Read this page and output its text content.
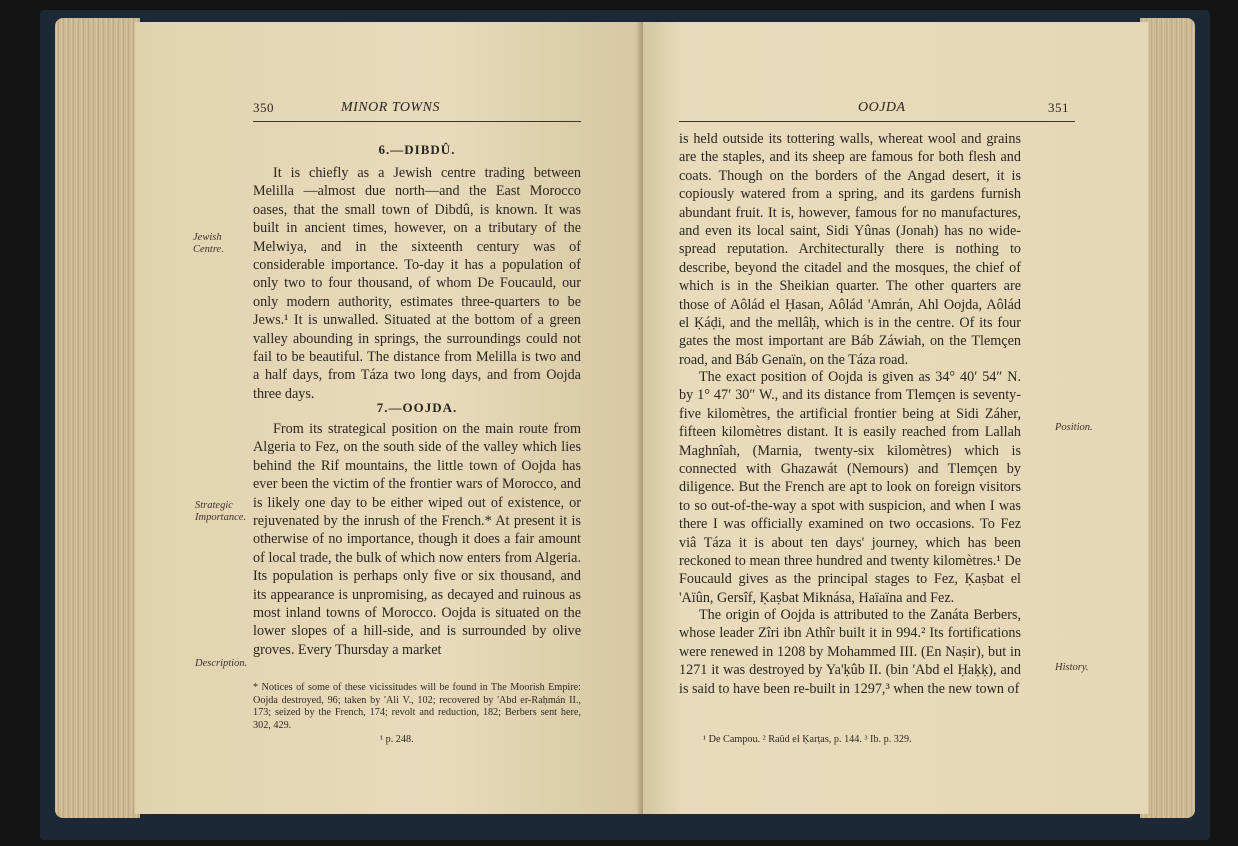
350	MINOR TOWNS
6.—DIBDÛ.

It is chiefly as a Jewish centre trading between Melilla —almost due north—and the East Morocco oases, that the small town of Dibdû, is known. It was built in ancient times, however, on a tributary of the Melwiya, and in the sixteenth century was of considerable importance. To-day it has a population of only two to four thousand, of whom De Foucauld, our only modern authority, estimates three-quarters to be Jews.¹ It is unwalled. Situated at the bottom of a green valley abounding in springs, the surroundings could not fail to be beautiful. The distance from Melilla is two and a half days, from Táza two long days, and from Oojda three days.

Jewish Centre.
7.—OOJDA.

From its strategical position on the main route from Algeria to Fez, on the south side of the valley which lies behind the Rif mountains, the little town of Oojda has ever been the victim of the frontier wars of Morocco, and is likely one day to be either wiped out of existence, or rejuvenated by the inrush of the French.* At present it is otherwise of no importance, though it does a fair amount of local trade, the bulk of which now enters from Algeria. Its population is perhaps only five or six thousand, and its appearance is unpromising, as decayed and ruinous as most inland towns of Morocco. Oojda is situated on the lower slopes of a hill-side, and is surrounded by olive groves. Every Thursday a market

Strategic Importance.
Description.
* Notices of some of these vicissitudes will be found in The Moorish Empire: Oojda destroyed, 96; taken by 'Ali V., 102; recovered by 'Abd er-Raḥmán II., 173; seized by the French, 174; revolt and reduction, 182; Berbers sent here, 302, 429.
¹ p. 248.
OOJDA	351

is held outside its tottering walls, whereat wool and grains are the staples, and its sheep are famous for both flesh and coats. Though on the borders of the Angad desert, it is copiously watered from a spring, and its gardens furnish abundant fruit. It is, however, famous for no manufactures, and even its local saint, Sidi Yûnas (Jonah) has no wide-spread reputation. Architecturally there is nothing to describe, beyond the citadel and the mosques, the chief of which is in the Sheikian quarter. The other quarters are those of Aôlád el Ḥasan, Aôlád 'Amrán, Ahl Oojda, Aôlád el Ḳáḍi, and the mellâḥ, which is in the centre. Of its four gates the most important are Báb Záwiah, on the Tlemçen road, and Báb Genaïn, on the Táza road.

The exact position of Oojda is given as 34° 40′ 54″ N. by 1° 47′ 30″ W., and its distance from Tlemçen is seventy-five kilomètres, the artificial frontier being at Sidi Záher, fifteen kilomètres distant. It is easily reached from Lallah Maghnîah, (Marnia, twenty-six kilomètres) which is connected with Ghazawát (Nemours) and Tlemçen by diligence. But the French are apt to look on foreign visitors to so out-of-the-way a spot with suspicion, and when I was there I was officially examined on two occasions. To Fez viâ Táza it is about ten days' journey, which has been reckoned to mean three hundred and twenty kilomètres.¹ De Foucauld gives as the principal stages to Fez, Ḳaṣbat el 'Aïûn, Gersîf, Ḳaṣbat Miknása, Haïaïna and Fez.

The origin of Oojda is attributed to the Zanáta Berbers, whose leader Zîri ibn Athîr built it in 994.² Its fortifications were renewed in 1208 by Mohammed III. (En Naṣir), but in 1271 it was destroyed by Ya'ḳûb II. (bin 'Abd el Ḥaḳḳ), and is said to have been re-built in 1297,³ when the new town of

Position.
History.
¹ De Campou. ² Raûd el Ḳarṭas, p. 144. ³ Ib. p. 329.
